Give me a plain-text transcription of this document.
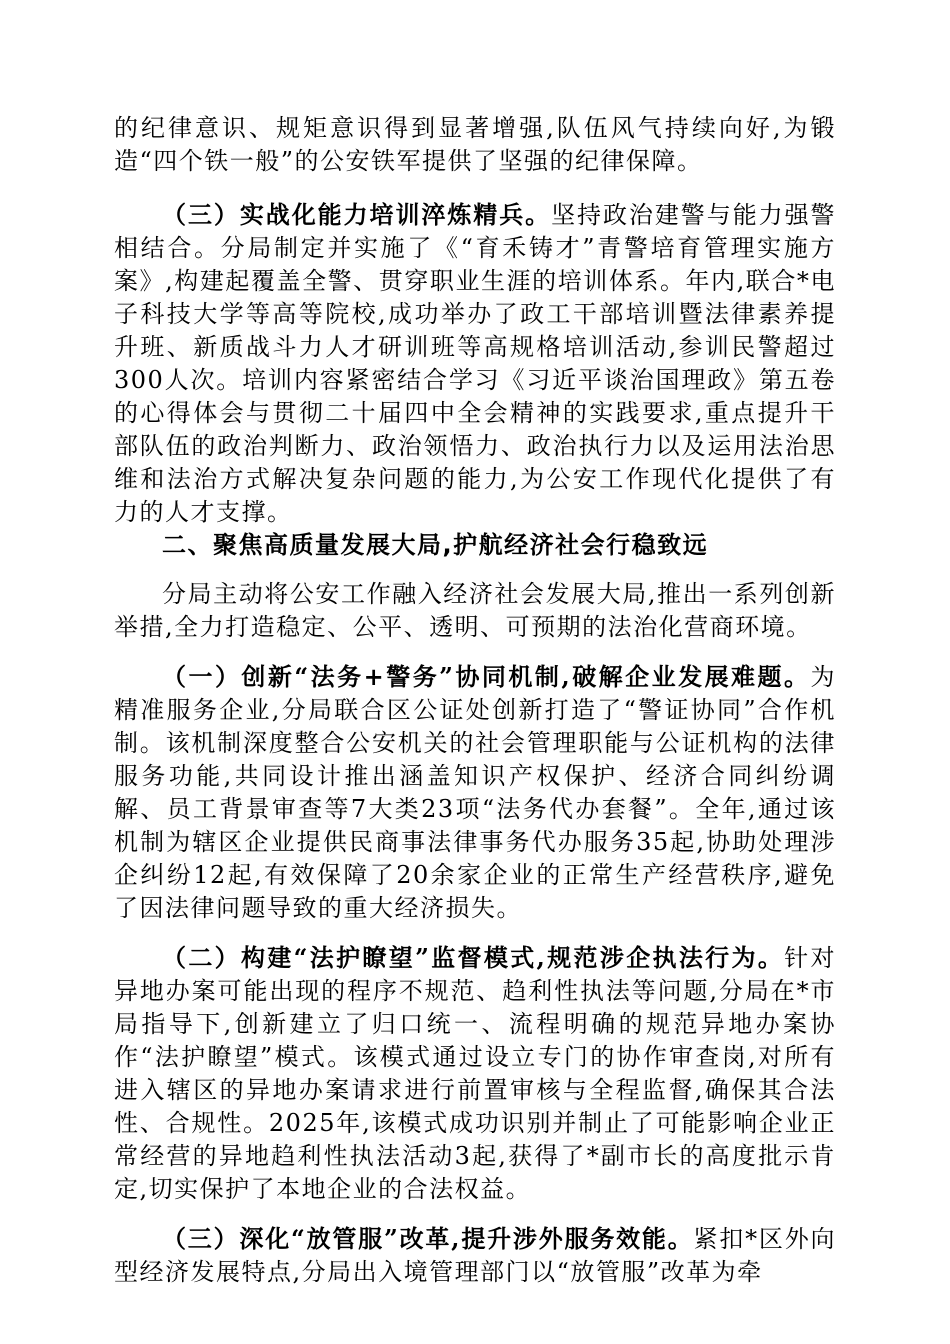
的纪律意识、规矩意识得到显著增强,队伍风气持续向好,为锻造“四个铁一般”的公安铁军提供了坚强的纪律保障。

（三）实战化能力培训淬炼精兵。坚持政治建警与能力强警相结合。分局制定并实施了《“育禾铸才”青警培育管理实施方案》,构建起覆盖全警、贯穿职业生涯的培训体系。年内,联合*电子科技大学等高等院校,成功举办了政工干部培训暨法律素养提升班、新质战斗力人才研训班等高规格培训活动,参训民警超过300人次。培训内容紧密结合学习《习近平谈治国理政》第五卷的心得体会与贯彻二十届四中全会精神的实践要求,重点提升干部队伍的政治判断力、政治领悟力、政治执行力以及运用法治思维和法治方式解决复杂问题的能力,为公安工作现代化提供了有力的人才支撑。

二、聚焦高质量发展大局,护航经济社会行稳致远

分局主动将公安工作融入经济社会发展大局,推出一系列创新举措,全力打造稳定、公平、透明、可预期的法治化营商环境。

（一）创新“法务+警务”协同机制,破解企业发展难题。为精准服务企业,分局联合区公证处创新打造了“警证协同”合作机制。该机制深度整合公安机关的社会管理职能与公证机构的法律服务功能,共同设计推出涵盖知识产权保护、经济合同纠纷调解、员工背景审查等7大类23项“法务代办套餐”。全年,通过该机制为辖区企业提供民商事法律事务代办服务35起,协助处理涉企纠纷12起,有效保障了20余家企业的正常生产经营秩序,避免了因法律问题导致的重大经济损失。

（二）构建“法护瞭望”监督模式,规范涉企执法行为。针对异地办案可能出现的程序不规范、趋利性执法等问题,分局在*市局指导下,创新建立了归口统一、流程明确的规范异地办案协作“法护瞭望”模式。该模式通过设立专门的协作审查岗,对所有进入辖区的异地办案请求进行前置审核与全程监督,确保其合法性、合规性。2025年,该模式成功识别并制止了可能影响企业正常经营的异地趋利性执法活动3起,获得了*副市长的高度批示肯定,切实保护了本地企业的合法权益。

（三）深化“放管服”改革,提升涉外服务效能。紧扣*区外向型经济发展特点,分局出入境管理部门以“放管服”改革为牵
